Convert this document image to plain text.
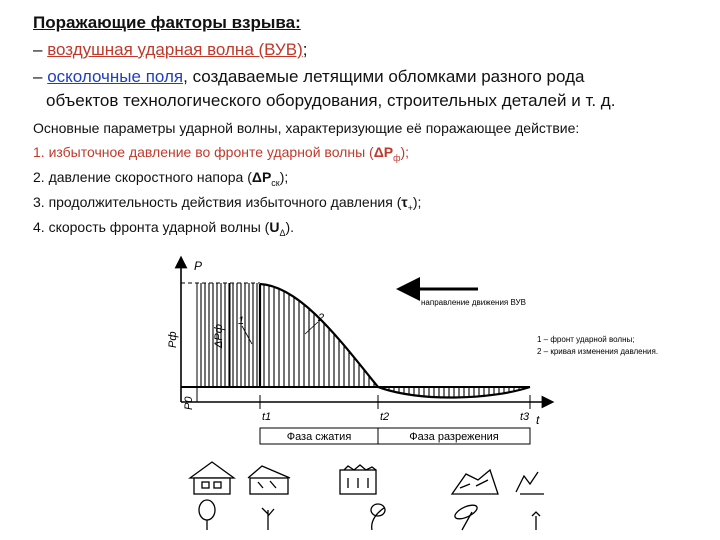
Поражающие факторы взрыва:
– воздушная ударная волна (ВУВ);
– осколочные поля, создаваемые летящими обломками разного рода
объектов технологического оборудования, строительных деталей и т. д.
Основные параметры ударной волны, характеризующие её поражающее действие:
1. избыточное давление во фронте ударной волны $(\Delta P_ф)$;
2. давление скоростного напора $(\Delta P_{ск})$;
3. продолжительность действия избыточного давления $(\tau_+)$;
4. скорость фронта ударной волны $(U_\Delta)$.
P
t
Pф	ΔPф
P0
1	2
t1	t2	t3
Фаза сжатия	Фаза разрежения
направление движения ВУВ
1 – фронт ударной волны;
2 – кривая изменения давления.
